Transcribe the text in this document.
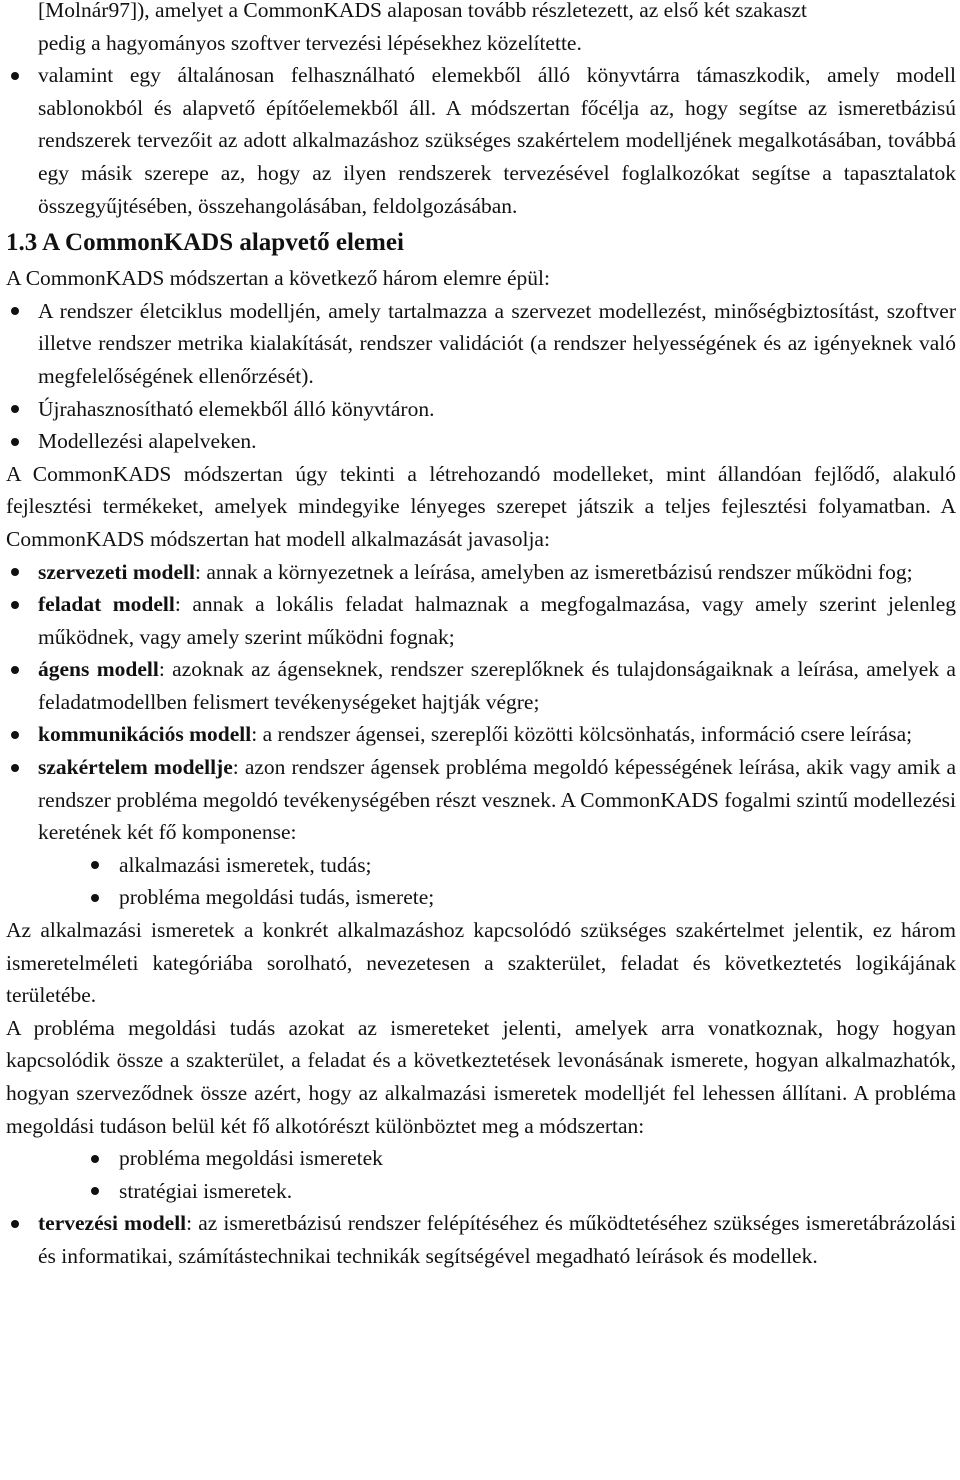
[Molnár97]), amelyet a CommonKADS alaposan tovább részletezett, az első két szakaszt

pedig a hagyományos szoftver tervezési lépésekhez közelítette.

valamint egy általánosan felhasználható elemekből álló könyvtárra támaszkodik, amely modell sablonokból és alapvető építőelemekből áll. A módszertan főcélja az, hogy segítse az ismeretbázisú rendszerek tervezőit az adott alkalmazáshoz szükséges szakértelem modelljének megalkotásában, továbbá egy másik szerepe az, hogy az ilyen rendszerek tervezésével foglalkozókat segítse a tapasztalatok összegyűjtésében, összehangolásában, feldolgozásában.

1.3 A CommonKADS alapvető elemei

A CommonKADS módszertan a következő három elemre épül:

A rendszer életciklus modelljén, amely tartalmazza a szervezet modellezést, minőségbiztosítást, szoftver illetve rendszer metrika kialakítását, rendszer validációt (a rendszer helyességének és az igényeknek való megfelelőségének ellenőrzését).

Újrahasznosítható elemekből álló könyvtáron.

Modellezési alapelveken.

A CommonKADS módszertan úgy tekinti a létrehozandó modelleket, mint állandóan fejlődő, alakuló fejlesztési termékeket, amelyek mindegyike lényeges szerepet játszik a teljes fejlesztési folyamatban. A CommonKADS módszertan hat modell alkalmazását javasolja:

szervezeti modell: annak a környezetnek a leírása, amelyben az ismeretbázisú rendszer működni fog;

feladat modell: annak a lokális feladat halmaznak a megfogalmazása, vagy amely szerint jelenleg működnek, vagy amely szerint működni fognak;

ágens modell: azoknak az ágenseknek, rendszer szereplőknek és tulajdonságaiknak a leírása, amelyek a feladatmodellben felismert tevékenységeket hajtják végre;

kommunikációs modell: a rendszer ágensei, szereplői közötti kölcsönhatás, információ csere leírása;

szakértelem modellje: azon rendszer ágensek probléma megoldó képességének leírása, akik vagy amik a rendszer probléma megoldó tevékenységében részt vesznek. A CommonKADS fogalmi szintű modellezési keretének két fő komponense:

alkalmazási ismeretek, tudás;

probléma megoldási tudás, ismerete;

Az alkalmazási ismeretek a konkrét alkalmazáshoz kapcsolódó szükséges szakértelmet jelentik, ez három ismeretelméleti kategóriába sorolható, nevezetesen a szakterület, feladat és következtetés logikájának területébe.

A probléma megoldási tudás azokat az ismereteket jelenti, amelyek arra vonatkoznak, hogy hogyan kapcsolódik össze a szakterület, a feladat és a következtetések levonásának ismerete, hogyan alkalmazhatók, hogyan szerveződnek össze azért, hogy az alkalmazási ismeretek modelljét fel lehessen állítani. A probléma megoldási tudáson belül két fő alkotórészt különböztet meg a módszertan:

probléma megoldási ismeretek

stratégiai ismeretek.

tervezési modell: az ismeretbázisú rendszer felépítéséhez és működtetéséhez szükséges ismeretábrázolási és informatikai, számítástechnikai technikák segítségével megadható leírások és modellek.
